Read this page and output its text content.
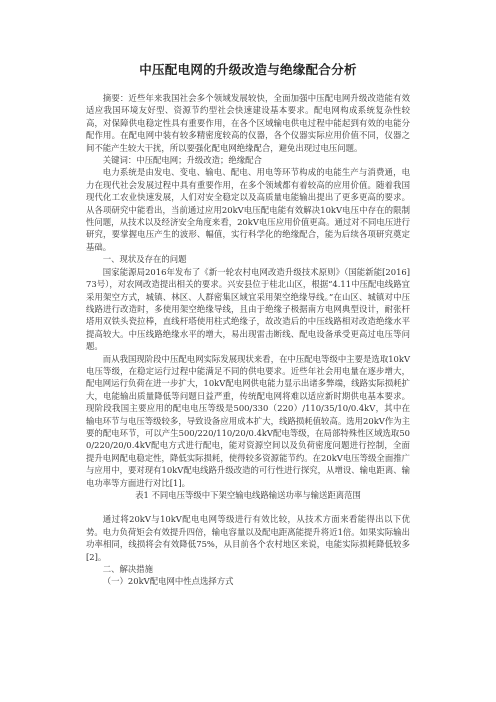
中压配电网的升级改造与绝缘配合分析

摘要：近些年来我国社会多个领域发展较快，全面加强中压配电网升级改造能有效适应我国环境友好型、资源节约型社会快速建设基本要求。配电网构成系统复杂性较高，对保障供电稳定性具有重要作用，在各个区域输电供电过程中能起到有效的电能分配作用。在配电网中装有较多精密度较高的仪器，各个仪器实际应用价值不同，仪器之间不能产生较大干扰，所以要强化配电网绝缘配合，避免出现过电压问题。

关键词：中压配电网；升级改造；绝缘配合

电力系统是由发电、变电、输电、配电、用电等环节构成的电能生产与消费通，电力在现代社会发展过程中具有重要作用，在多个领域都有着较高的应用价值。随着我国现代化工农业快速发展，人们对安全稳定以及高质量电能输出提出了更多更高的要求。从各项研究中能看出，当前通过应用20kV电压配电能有效解决10kV电压中存在的限制性问题，从技术以及经济安全角度来看，20kV电压应用价值更高。通过对不同电压进行研究，要掌握电压产生的波形、幅值，实行科学化的绝缘配合，能为后续各项研究奠定基础。

一、现状及存在的问题

国家能源局2016年发布了《新一轮农村电网改造升级技术原则》（国能新能[2016]73号），对农网改造提出相关的要求。兴安县位于桂北山区，根据“4.11中压配电线路宜采用架空方式，城镇、林区、人群密集区域宜采用架空绝缘导线。”在山区、城镇对中压线路进行改造时，多使用架空绝缘导线，且由于绝缘子极据南方电网典型设计，耐张杆塔用双铁头瓷拉棒，直线杆塔使用柱式绝缘子，故改造后的中压线路相对改造绝缘水平提高较大。中压线路绝缘水平的增大，易出现雷击断线、配电设备承受更高过电压等问题。

而从我国现阶段中压配电网实际发展现状来看，在中压配电等级中主要是选取10kV电压等级，在稳定运行过程中能满足不同的供电要求。近些年社会用电量在逐步增大，配电网运行负荷在进一步扩大，10kV配电网供电能力显示出诸多弊端，线路实际损耗扩大，电能输出质量降低等问题日益严重，传统配电网将难以适应新时期供电基本要求。现阶段我国主要应用的配电电压等级是500/330（220）/110/35/10/0.4kV，其中在输电环节与电压等级较多，导致设备应用成本扩大，线路损耗值较高。选用20kV作为主要的配电环节，可以产生500/220/110/20/0.4kV配电等级，在局部特殊性区域选取500/220/20/0.4kV配电方式进行配电，能对资源空间以及负荷密度问题进行控制，全面提升电网配电稳定性，降低实际损耗，使得较多资源能节约。在20kV电压等级全面推广与应用中，要对现有10kV配电线路升级改造的可行性进行探究，从增设、输电距离、输电功率等方面进行对比[1]。

表1 不同电压等级中下架空输电线路输送功率与输送距离范围

通过将20kV与10kV配电电网等级进行有效比较，从技术方面来看能得出以下优势。电力负荷矩会有效提升四倍，输电容量以及配电距离能提升将近1倍。如果实际输出功率相同，线损将会有效降低75%，从目前各个农村地区来说，电能实际损耗降低较多[2]。

二、解决措施

（一）20kV配电网中性点选择方式
